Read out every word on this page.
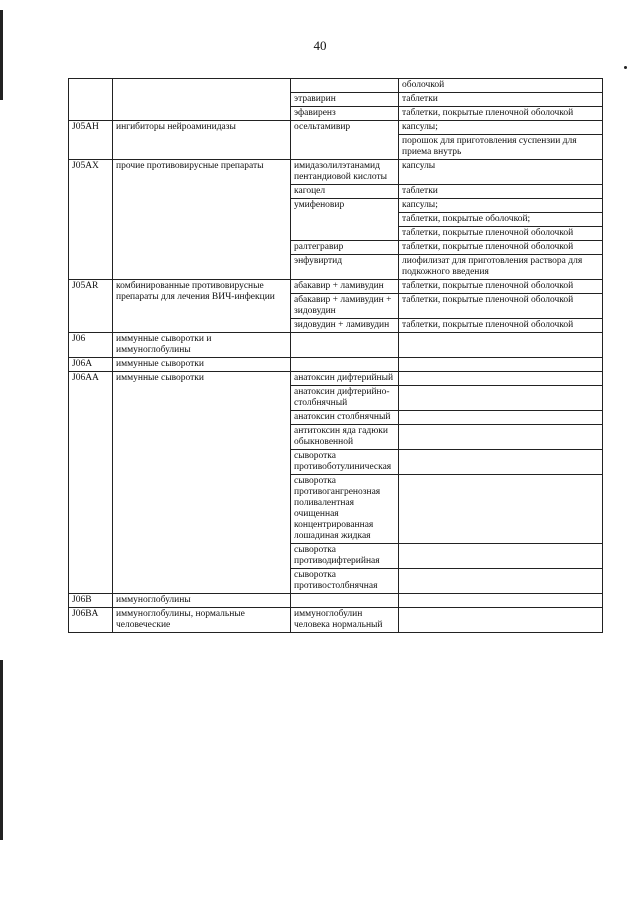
40
			оболочкой
		этравирин	таблетки
		эфавиренз	таблетки, покрытые пленочной оболочкой
J05AH	ингибиторы нейроаминидазы	осельтамивир	капсулы;
			порошок для приготовления суспензии для приема внутрь
J05AX	прочие противовирусные препараты	имидазолилэтанамид пентандиовой кислоты	капсулы
		кагоцел	таблетки
		умифеновир	капсулы;
			таблетки, покрытые оболочкой;
			таблетки, покрытые пленочной оболочкой
		ралтегравир	таблетки, покрытые пленочной оболочкой
		энфувиртид	лиофилизат для приготовления раствора для подкожного введения
J05AR	комбинированные противовирусные препараты для лечения ВИЧ-инфекции	абакавир + ламивудин	таблетки, покрытые пленочной оболочкой
		абакавир + ламивудин + зидовудин	таблетки, покрытые пленочной оболочкой
		зидовудин + ламивудин	таблетки, покрытые пленочной оболочкой
J06	иммунные сыворотки и иммуноглобулины		
J06A	иммунные сыворотки		
J06AA	иммунные сыворотки	анатоксин дифтерийный	
		анатоксин дифтерийно-столбнячный	
		анатоксин столбнячный	
		антитоксин яда гадюки обыкновенной	
		сыворотка противоботулиническая	
		сыворотка противогангренозная поливалентная очищенная концентрированная лошадиная жидкая	
		сыворотка противодифтерийная	
		сыворотка противостолбнячная	
J06B	иммуноглобулины		
J06BA	иммуноглобулины, нормальные человеческие	иммуноглобулин человека нормальный	
